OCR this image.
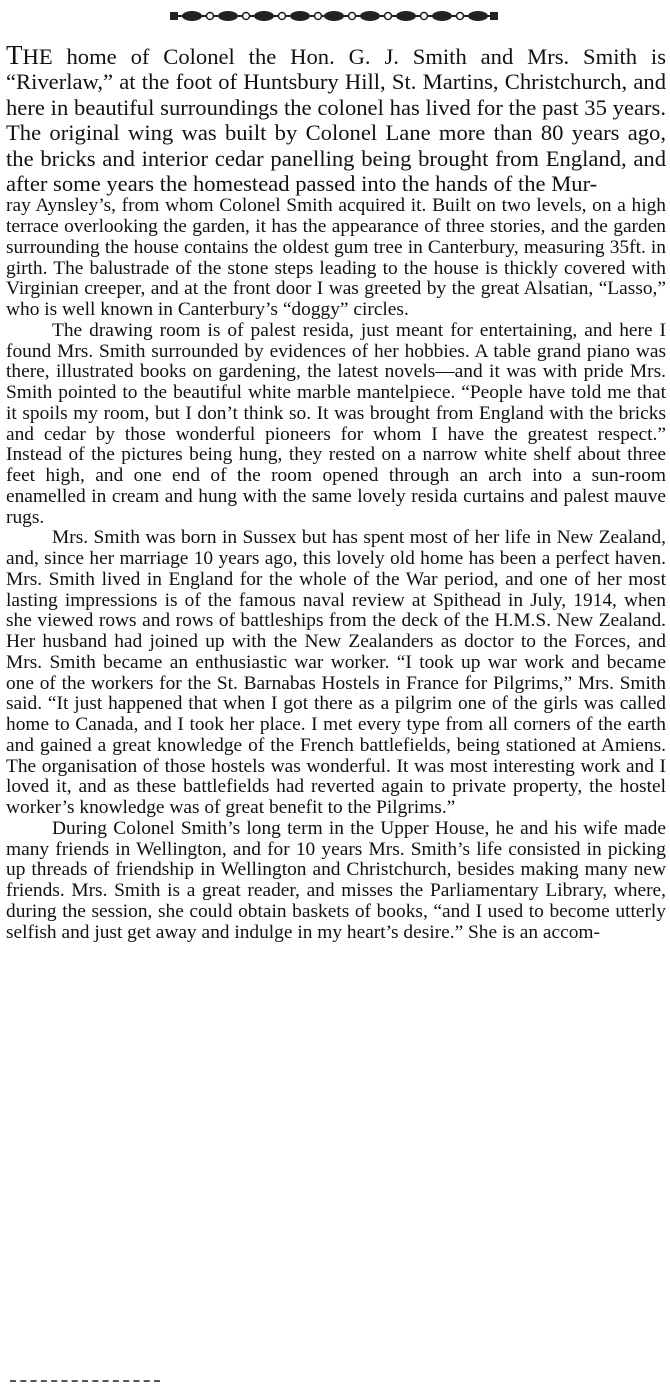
THE home of Colonel the Hon. G. J. Smith and Mrs. Smith is “Riverlaw,” at the foot of Huntsbury Hill, St. Martins, Christchurch, and here in beautiful surroundings the colonel has lived for the past 35 years. The original wing was built by Colonel Lane more than 80 years ago, the bricks and interior cedar panelling being brought from England, and after some years the homestead passed into the hands of the Mur-

ray Aynsley’s, from whom Colonel Smith acquired it. Built on two levels, on a high terrace overlooking the garden, it has the appearance of three stories, and the garden surrounding the house contains the oldest gum tree in Canterbury, measuring 35ft. in girth. The balustrade of the stone steps leading to the house is thickly covered with Virginian creeper, and at the front door I was greeted by the great Alsatian, “Lasso,” who is well known in Canterbury’s “doggy” circles.

The drawing room is of palest resida, just meant for entertaining, and here I found Mrs. Smith surrounded by evidences of her hobbies. A table grand piano was there, illustrated books on gardening, the latest novels—and it was with pride Mrs. Smith pointed to the beautiful white marble mantelpiece. “People have told me that it spoils my room, but I don’t think so. It was brought from England with the bricks and cedar by those wonderful pioneers for whom I have the greatest respect.” Instead of the pictures being hung, they rested on a narrow white shelf about three feet high, and one end of the room opened through an arch into a sun-room enamelled in cream and hung with the same lovely resida curtains and palest mauve rugs.

Mrs. Smith was born in Sussex but has spent most of her life in New Zealand, and, since her marriage 10 years ago, this lovely old home has been a perfect haven. Mrs. Smith lived in England for the whole of the War period, and one of her most lasting impressions is of the famous naval review at Spithead in July, 1914, when she viewed rows and rows of battleships from the deck of the H.M.S. New Zealand. Her husband had joined up with the New Zealanders as doctor to the Forces, and Mrs. Smith became an enthusiastic war worker. “I took up war work and became one of the workers for the St. Barnabas Hostels in France for Pilgrims,” Mrs. Smith said. “It just happened that when I got there as a pilgrim one of the girls was called home to Canada, and I took her place. I met every type from all corners of the earth and gained a great knowledge of the French battlefields, being stationed at Amiens. The organisation of those hostels was wonderful. It was most interesting work and I loved it, and as these battlefields had reverted again to private property, the hostel worker’s knowledge was of great benefit to the Pilgrims.”

During Colonel Smith’s long term in the Upper House, he and his wife made many friends in Wellington, and for 10 years Mrs. Smith’s life consisted in picking up threads of friendship in Wellington and Christchurch, besides making many new friends. Mrs. Smith is a great reader, and misses the Parliamentary Library, where, during the session, she could obtain baskets of books, “and I used to become utterly selfish and just get away and indulge in my heart’s desire.” She is an accom-
